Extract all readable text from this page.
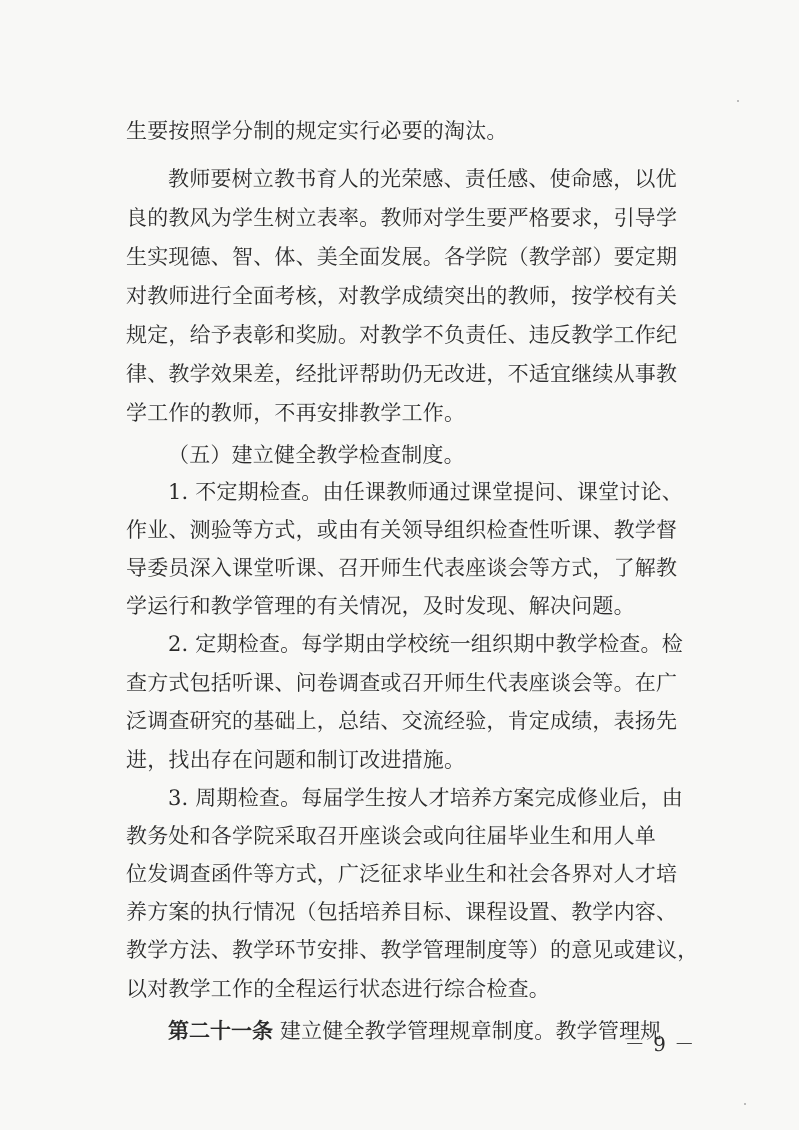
生要按照学分制的规定实行必要的淘汰。
教师要树立教书育人的光荣感、责任感、使命感，以优
良的教风为学生树立表率。教师对学生要严格要求，引导学
生实现德、智、体、美全面发展。各学院（教学部）要定期
对教师进行全面考核，对教学成绩突出的教师，按学校有关
规定，给予表彰和奖励。对教学不负责任、违反教学工作纪
律、教学效果差，经批评帮助仍无改进，不适宜继续从事教
学工作的教师，不再安排教学工作。
（五）建立健全教学检查制度。
1. 不定期检查。由任课教师通过课堂提问、课堂讨论、
作业、测验等方式，或由有关领导组织检查性听课、教学督
导委员深入课堂听课、召开师生代表座谈会等方式，了解教
学运行和教学管理的有关情况，及时发现、解决问题。
2. 定期检查。每学期由学校统一组织期中教学检查。检
查方式包括听课、问卷调查或召开师生代表座谈会等。在广
泛调查研究的基础上，总结、交流经验，肯定成绩，表扬先
进，找出存在问题和制订改进措施。
3. 周期检查。每届学生按人才培养方案完成修业后，由
教务处和各学院采取召开座谈会或向往届毕业生和用人单
位发调查函件等方式，广泛征求毕业生和社会各界对人才培
养方案的执行情况（包括培养目标、课程设置、教学内容、
教学方法、教学环节安排、教学管理制度等）的意见或建议，
以对教学工作的全程运行状态进行综合检查。
第二十一条 建立健全教学管理规章制度。教学管理规
－ 9 －
